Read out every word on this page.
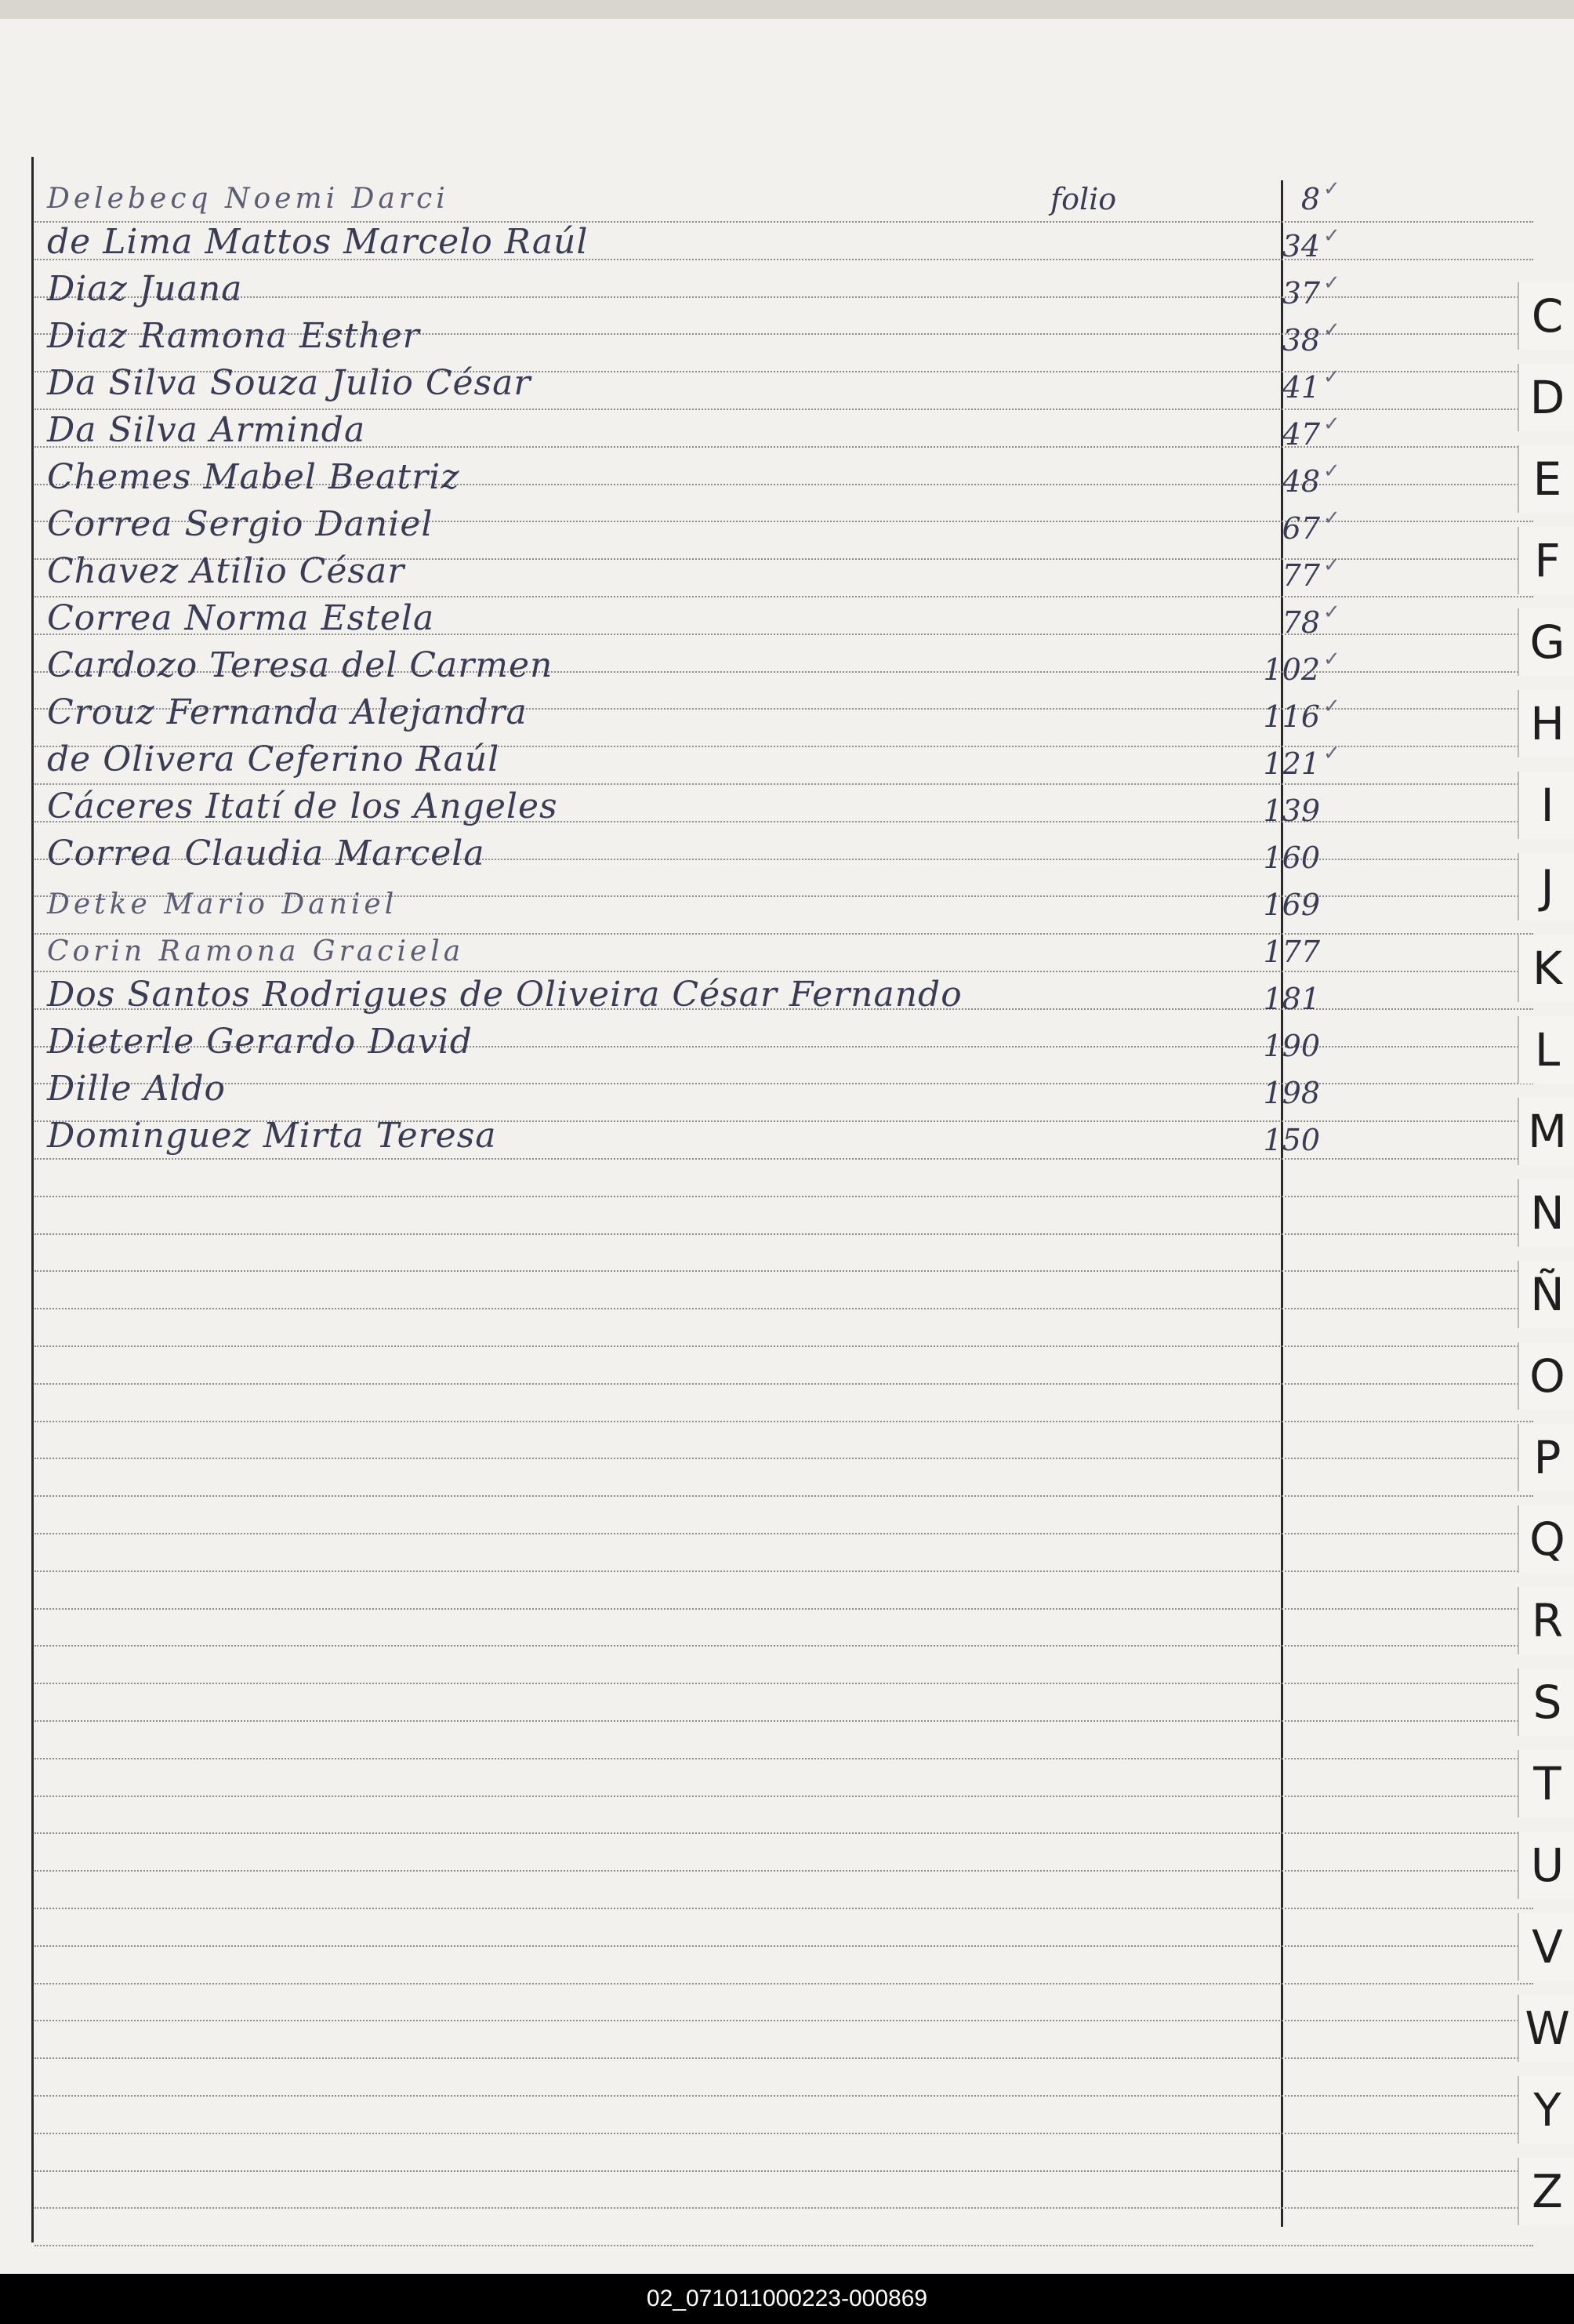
folio
Delebecq Noemi Darci	8 ✓
de Lima Mattos Marcelo Raúl	34 ✓
Diaz Juana	37 ✓
Diaz Ramona Esther	38 ✓
Da Silva Souza Julio César	41 ✓
Da Silva Arminda	47 ✓
Chemes Mabel Beatriz	48 ✓
Correa Sergio Daniel	67 ✓
Chavez Atilio César	77 ✓
Correa Norma Estela	78 ✓
Cardozo Teresa del Carmen	102 ✓
Crouz Fernanda Alejandra	116 ✓
de Olivera Ceferino Raúl	121 ✓
Cáceres Itatí de los Angeles	139
Correa Claudia Marcela	160
Detke Mario Daniel	169
Corin Ramona Graciela	177
Dos Santos Rodrigues de Oliveira César Fernando	181
Dieterle Gerardo David	190
Dille Aldo	198
Dominguez Mirta Teresa	150
C
D
E
F
G
H
I
J
K
L
M
N
Ñ
O
P
Q
R
S
T
U
V
W
Y
Z
02_071011000223-000869
